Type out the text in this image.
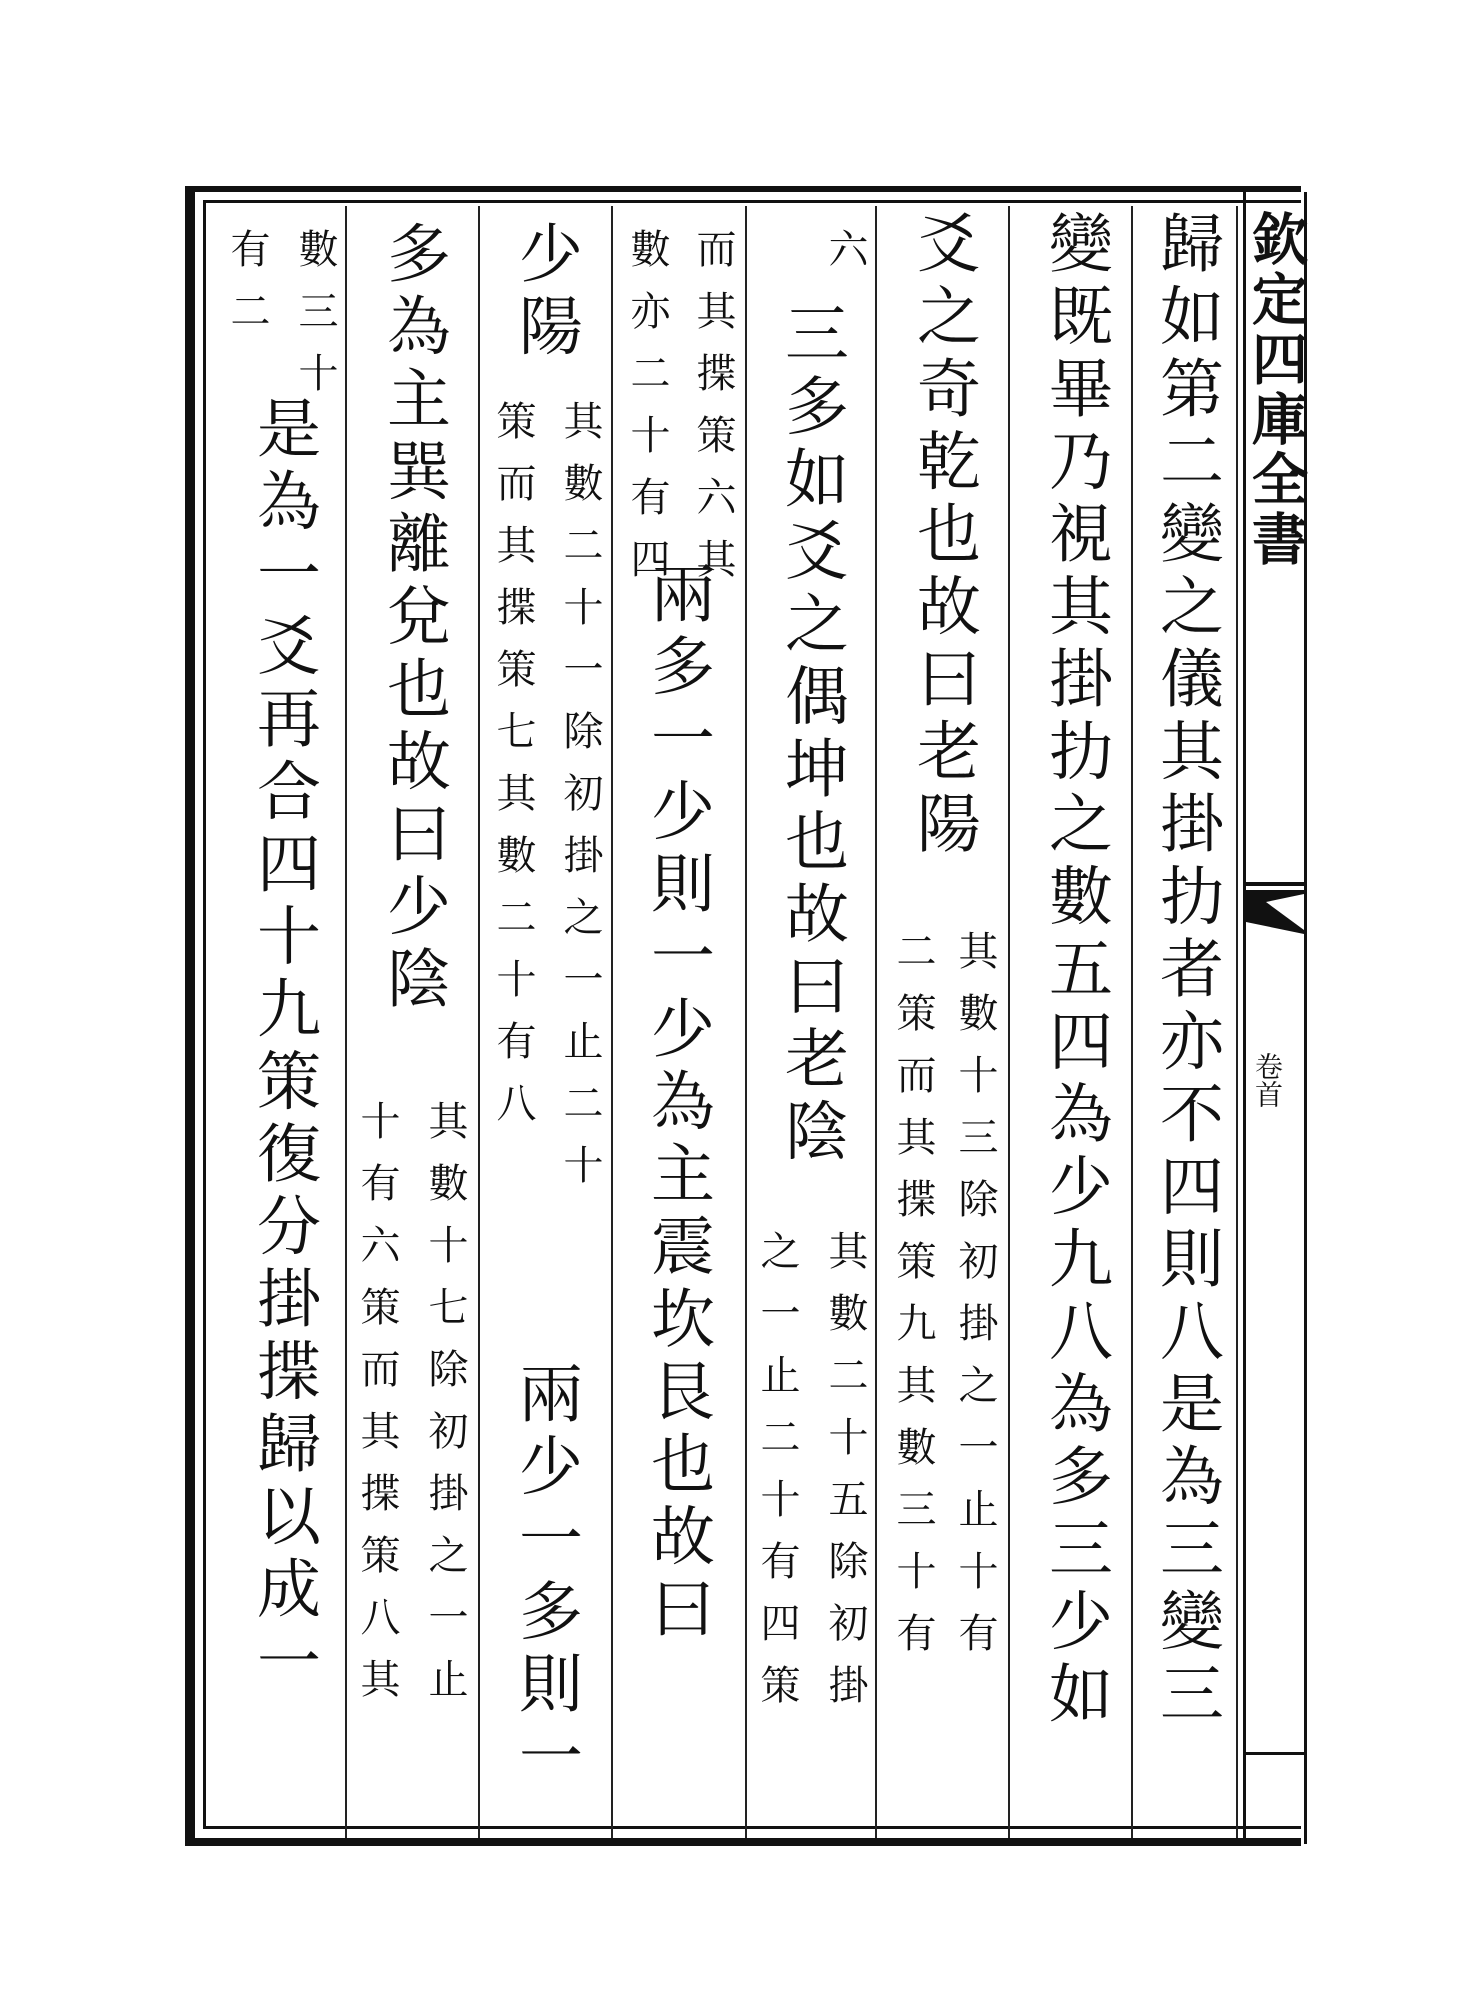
欽定四庫全書
卷首
歸如第二變之儀其掛扐者亦不四則八是為三變三
變既畢乃視其掛扐之數五四為少九八為多三少如
爻之奇乾也故曰老陽
其數十三除初掛之一止十有
二策而其揲策九其數三十有
六
三多如爻之偶坤也故曰老陰
其數二十五除初掛
之一止二十有四策
而其揲策六其
數亦二十有四
兩多一少則一少為主震坎艮也故曰
少陽
其數二十一除初掛之一止二十
策而其揲策七其數二十有八
兩少一多則一
多為主巽離兌也故曰少陰
其數十七除初掛之一止
十有六策而其揲策八其
數三十
有二
是為一爻再合四十九策復分掛揲歸以成一
